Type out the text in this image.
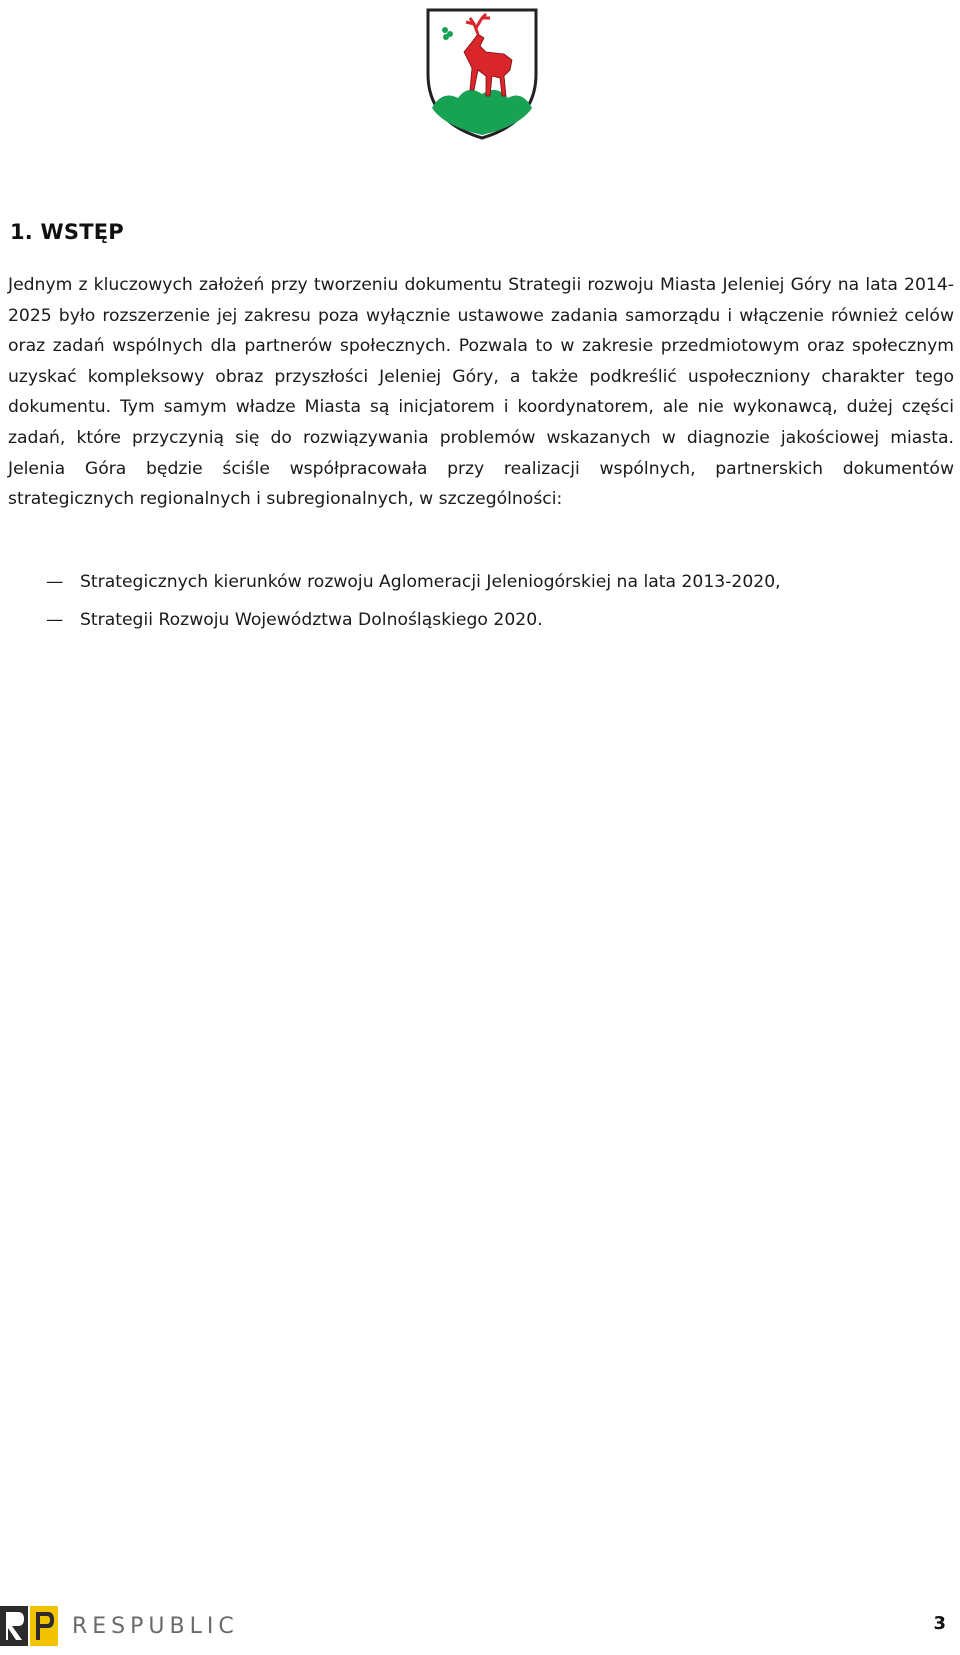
1. WSTĘP

Jednym z kluczowych założeń przy tworzeniu dokumentu Strategii rozwoju Miasta Jeleniej Góry na lata 2014-2025 było rozszerzenie jej zakresu poza wyłącznie ustawowe zadania samorządu i włączenie również celów oraz zadań wspólnych dla partnerów społecznych. Pozwala to w zakresie przedmiotowym oraz społecznym uzyskać kompleksowy obraz przyszłości Jeleniej Góry, a także podkreślić uspołeczniony charakter tego dokumentu. Tym samym władze Miasta są inicjatorem i koordynatorem, ale nie wykonawcą, dużej części zadań, które przyczynią się do rozwiązywania problemów wskazanych w diagnozie jakościowej miasta. Jelenia Góra będzie ściśle współpracowała przy realizacji wspólnych, partnerskich dokumentów strategicznych regionalnych i subregionalnych, w szczególności:

— Strategicznych kierunków rozwoju Aglomeracji Jeleniogórskiej na lata 2013-2020,
— Strategii Rozwoju Województwa Dolnośląskiego 2020.
RESPUBLIC	3
